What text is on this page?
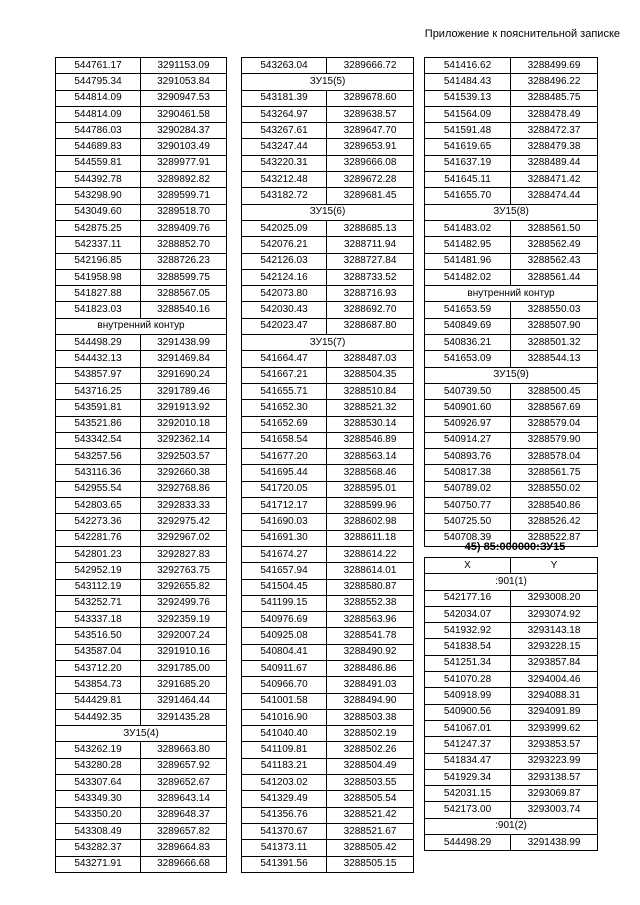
Приложение к пояснительной записке
544761.17	3291153.09
544795.34	3291053.84
544814.09	3290947.53
544814.09	3290461.58
544786.03	3290284.37
544689.83	3290103.49
544559.81	3289977.91
544392.78	3289892.82
543298.90	3289599.71
543049.60	3289518.70
542875.25	3289409.76
542337.11	3288852.70
542196.85	3288726.23
541958.98	3288599.75
541827.88	3288567.05
541823.03	3288540.16
внутренний контур	
544498.29	3291438.99
544432.13	3291469.84
543857.97	3291690.24
543716.25	3291789.46
543591.81	3291913.92
543521.86	3292010.18
543342.54	3292362.14
543257.56	3292503.57
543116.36	3292660.38
542955.54	3292768.86
542803.65	3292833.33
542273.36	3292975.42
542281.76	3292967.02
542801.23	3292827.83
542952.19	3292763.75
543112.19	3292655.82
543252.71	3292499.76
543337.18	3292359.19
543516.50	3292007.24
543587.04	3291910.16
543712.20	3291785.00
543854.73	3291685.20
544429.81	3291464.44
544492.35	3291435.28
ЗУ15(4)	
543262.19	3289663.80
543280.28	3289657.92
543307.64	3289652.67
543349.30	3289643.14
543350.20	3289648.37
543308.49	3289657.82
543282.37	3289664.83
543271.91	3289666.68
543263.04	3289666.72
ЗУ15(5)	
543181.39	3289678.60
543264.97	3289638.57
543267.61	3289647.70
543247.44	3289653.91
543220.31	3289666.08
543212.48	3289672.28
543182.72	3289681.45
ЗУ15(6)	
542025.09	3288685.13
542076.21	3288711.94
542126.03	3288727.84
542124.16	3288733.52
542073.80	3288716.93
542030.43	3288692.70
542023.47	3288687.80
ЗУ15(7)	
541664.47	3288487.03
541667.21	3288504.35
541655.71	3288510.84
541652.30	3288521.32
541652.69	3288530.14
541658.54	3288546.89
541677.20	3288563.14
541695.44	3288568.46
541720.05	3288595.01
541712.17	3288599.96
541690.03	3288602.98
541691.30	3288611.18
541674.27	3288614.22
541657.94	3288614.01
541504.45	3288580.87
541199.15	3288552.38
540976.69	3288563.96
540925.08	3288541.78
540804.41	3288490.92
540911.67	3288486.86
540966.70	3288491.03
541001.58	3288494.90
541016.90	3288503.38
541040.40	3288502.19
541109.81	3288502.26
541183.21	3288504.49
541203.02	3288503.55
541329.49	3288505.54
541356.76	3288521.42
541370.67	3288521.67
541373.11	3288505.42
541391.56	3288505.15
541416.62	3288499.69
541484.43	3288496.22
541539.13	3288485.75
541564.09	3288478.49
541591.48	3288472.37
541619.65	3288479.38
541637.19	3288489.44
541645.11	3288471.42
541655.70	3288474.44
ЗУ15(8)	
541483.02	3288561.50
541482.95	3288562.49
541481.96	3288562.43
541482.02	3288561.44
внутренний контур	
541653.59	3288550.03
540849.69	3288507.90
540836.21	3288501.32
541653.09	3288544.13
ЗУ15(9)	
540739.50	3288500.45
540901.60	3288567.69
540926.97	3288579.04
540914.27	3288579.90
540893.76	3288578.04
540817.38	3288561.75
540789.02	3288550.02
540750.77	3288540.86
540725.50	3288526.42
540708.39	3288522.87
45) 85:000000:ЗУ15
X	Y
:901(1)	
542177.16	3293008.20
542034.07	3293074.92
541932.92	3293143.18
541838.54	3293228.15
541251.34	3293857.84
541070.28	3294004.46
540918.99	3294088.31
540900.56	3294091.89
541067.01	3293999.62
541247.37	3293853.57
541834.47	3293223.99
541929.34	3293138.57
542031.15	3293069.87
542173.00	3293003.74
:901(2)	
544498.29	3291438.99
